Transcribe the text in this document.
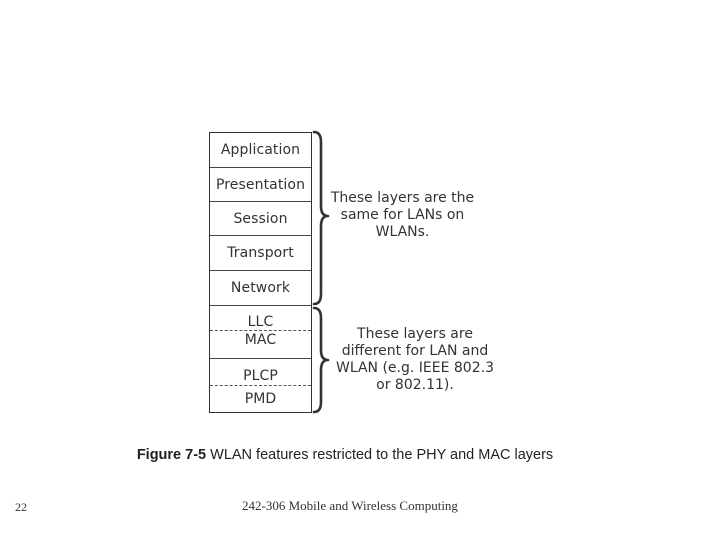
Application
Presentation
Session
Transport
Network
LLC
MAC
PLCP
PMD
These layers are the
same for LANs on
WLANs.
These layers are
different for LAN and
WLAN (e.g. IEEE 802.3
or 802.11).
Figure 7-5 WLAN features restricted to the PHY and MAC layers
22	242-306 Mobile and Wireless Computing
